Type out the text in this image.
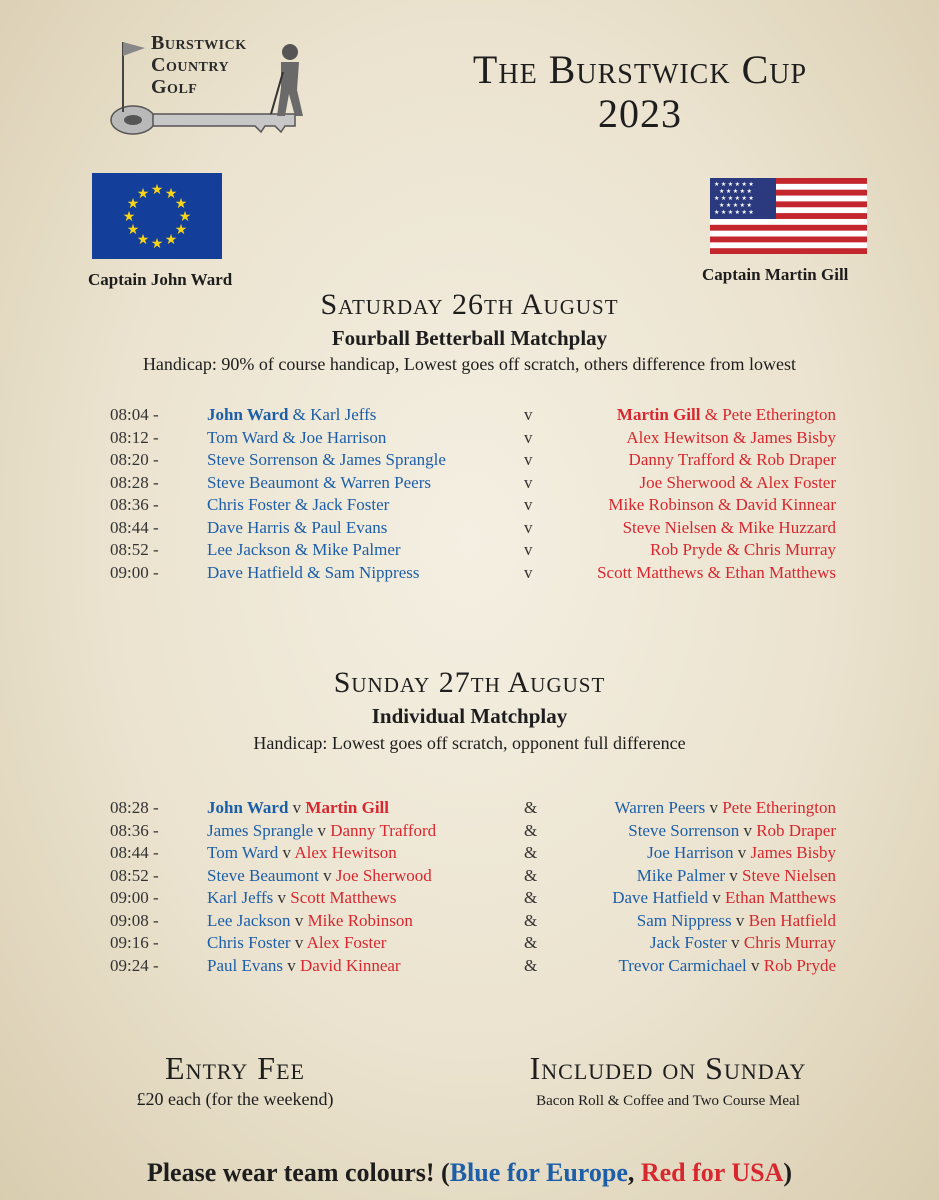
Burstwick
Country
Golf	The Burstwick Cup
2023
★ ★
★
★
★
★
★
★
★
★
★
★
★ ★ ★ ★ ★ ★
★ ★ ★ ★ ★
★ ★ ★ ★ ★ ★
★ ★ ★ ★ ★
★ ★ ★ ★ ★ ★
Captain John Ward	Captain Martin Gill
Saturday 26th August
Fourball Betterball Matchplay
Handicap: 90% of course handicap, Lowest goes off scratch, others difference from lowest
08:04 -	John Ward & Karl Jeffs	v	Martin Gill & Pete Etherington
08:12 -	Tom Ward & Joe Harrison	v	Alex Hewitson & James Bisby
08:20 -	Steve Sorrenson & James Sprangle	v	Danny Trafford & Rob Draper
08:28 -	Steve Beaumont & Warren Peers	v	Joe Sherwood & Alex Foster
08:36 -	Chris Foster & Jack Foster	v	Mike Robinson & David Kinnear
08:44 -	Dave Harris & Paul Evans	v	Steve Nielsen & Mike Huzzard
08:52 -	Lee Jackson & Mike Palmer	v	Rob Pryde & Chris Murray
09:00 -	Dave Hatfield & Sam Nippress	v	Scott Matthews & Ethan Matthews
Sunday 27th August
Individual Matchplay
Handicap: Lowest goes off scratch, opponent full difference
08:28 -	John Ward v Martin Gill	&	Warren Peers v Pete Etherington
08:36 -	James Sprangle v Danny Trafford	&	Steve Sorrenson v Rob Draper
08:44 -	Tom Ward v Alex Hewitson	&	Joe Harrison v James Bisby
08:52 -	Steve Beaumont v Joe Sherwood	&	Mike Palmer v Steve Nielsen
09:00 -	Karl Jeffs v Scott Matthews	&	Dave Hatfield v Ethan Matthews
09:08 -	Lee Jackson v Mike Robinson	&	Sam Nippress v Ben Hatfield
09:16 -	Chris Foster v Alex Foster	&	Jack Foster v Chris Murray
09:24 -	Paul Evans v David Kinnear	&	Trevor Carmichael v Rob Pryde
Entry Fee
£20 each (for the weekend)
Included on Sunday
Bacon Roll & Coffee and Two Course Meal
Please wear team colours! (Blue for Europe, Red for USA)
